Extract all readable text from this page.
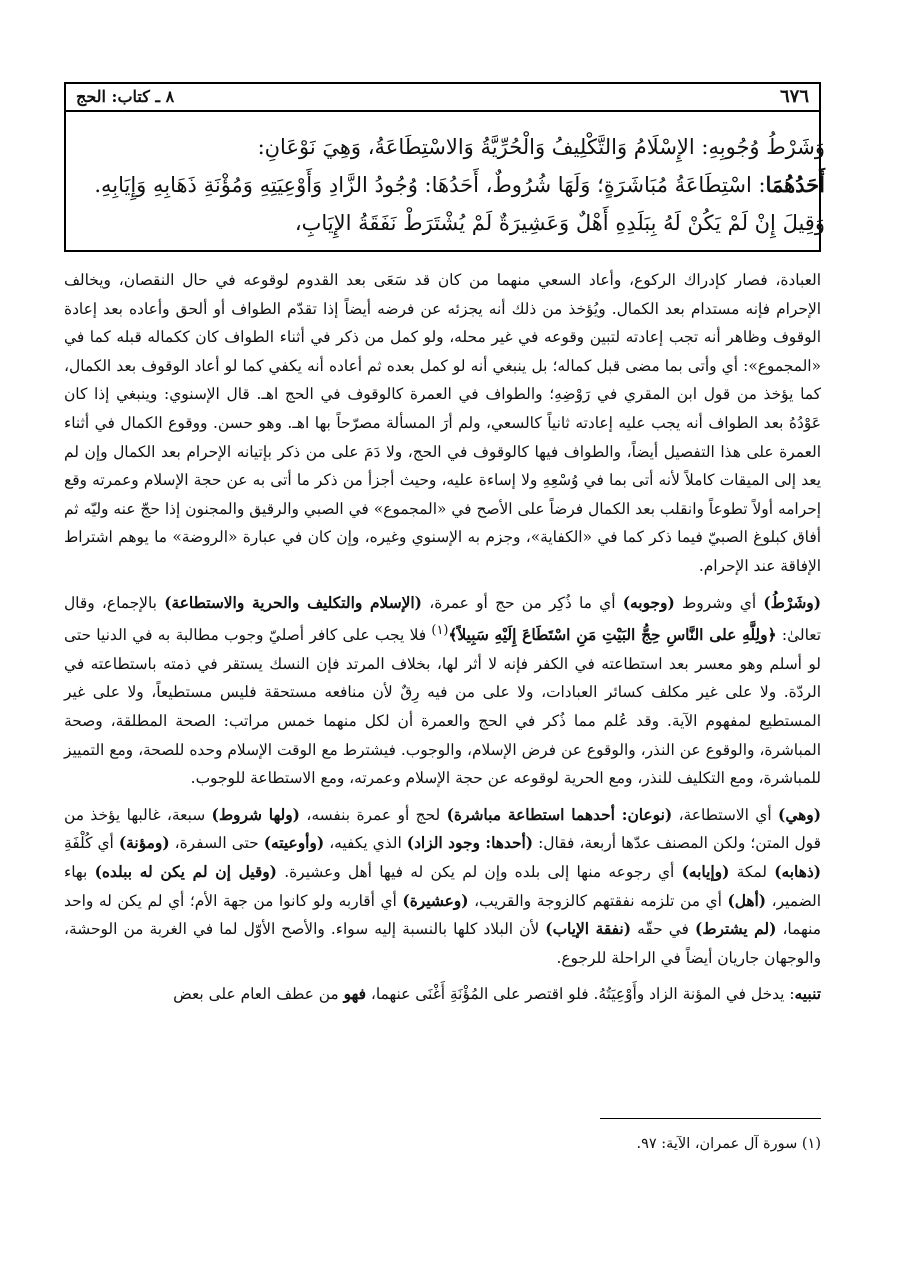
٦٧٦
٨ ـ كتاب: الحج

وَشَرْطُ وُجُوبِهِ: الإِسْلَامُ وَالتَّكْلِيفُ وَالْحُرِّيَّةُ وَالاسْتِطَاعَةُ، وَهِيَ نَوْعَانِ:

أَحَدُهُمَا: اسْتِطَاعَةُ مُبَاشَرَةٍ؛ وَلَهَا شُرُوطٌ، أَحَدُهَا: وُجُودُ الزَّادِ وَأَوْعِيَتِهِ وَمُؤْنَةِ ذَهَابِهِ وَإِيَابِهِ.

وَقِيلَ إِنْ لَمْ يَكُنْ لَهُ بِبَلَدِهِ أَهْلٌ وَعَشِيرَةٌ لَمْ يُشْتَرَطْ نَفَقَةُ الإِيَابِ،

العبادة، فصار كإدراك الركوع، وأعاد السعي منهما من كان قد سَعَى بعد القدوم لوقوعه في حال النقصان، ويخالف الإحرام فإنه مستدام بعد الكمال. ويُؤخذ من ذلك أنه يجزئه عن فرضه أيضاً إذا تقدّم الطواف أو ألحق وأعاده بعد إعادة الوقوف وظاهر أنه تجب إعادته لتبين وقوعه في غير محله، ولو كمل من ذكر في أثناء الطواف كان ككماله قبله كما في «المجموع»: أي وأتى بما مضى قبل كماله؛ بل ينبغي أنه لو كمل بعده ثم أعاده أنه يكفي كما لو أعاد الوقوف بعد الكمال، كما يؤخذ من قول ابن المقري في رَوْضِهِ؛ والطواف في العمرة كالوقوف في الحج اهـ. قال الإسنوي: وينبغي إذا كان عَوْدُهُ بعد الطواف أنه يجب عليه إعادته ثانياً كالسعي، ولم أرَ المسألة مصرّحاً بها اهـ. وهو حسن. ووقوع الكمال في أثناء العمرة على هذا التفصيل أيضاً، والطواف فيها كالوقوف في الحج، ولا دَمَ على من ذكر بإتيانه الإحرام بعد الكمال وإن لم يعد إلى الميقات كاملاً لأنه أتى بما في وُسْعِهِ ولا إساءة عليه، وحيث أجزأ من ذكر ما أتى به عن حجة الإسلام وعمرته وقع إحرامه أولاً تطوعاً وانقلب بعد الكمال فرضاً على الأصح في «المجموع» في الصبي والرقيق والمجنون إذا حجّ عنه وليّه ثم أفاق كبلوغ الصبيّ فيما ذكر كما في «الكفاية»، وجزم به الإسنوي وغيره، وإن كان في عبارة «الروضة» ما يوهم اشتراط الإفاقة عند الإحرام.

(وشَرْطُ) أي وشروط (وجوبه) أي ما ذُكِر من حج أو عمرة، (الإسلام والتكليف والحرية والاستطاعة) بالإجماع، وقال تعالىٰ: ﴿ولِلَّهِ على النَّاسِ حِجُّ البَيْتِ مَنِ اسْتَطَاعَ إِلَيْهِ سَبِيلاً﴾$^{(١)}$ فلا يجب على كافر أصليّ وجوب مطالبة به في الدنيا حتى لو أسلم وهو معسر بعد استطاعته في الكفر فإنه لا أثر لها، بخلاف المرتد فإن النسك يستقر في ذمته باستطاعته في الردّة. ولا على غير مكلف كسائر العبادات، ولا على من فيه رِقٌ لأن منافعه مستحقة فليس مستطيعاً، ولا على غير المستطيع لمفهوم الآية. وقد عُلم مما ذُكر في الحج والعمرة أن لكل منهما خمس مراتب: الصحة المطلقة، وصحة المباشرة، والوقوع عن النذر، والوقوع عن فرض الإسلام، والوجوب. فيشترط مع الوقت الإسلام وحده للصحة، ومع التمييز للمباشرة، ومع التكليف للنذر، ومع الحرية لوقوعه عن حجة الإسلام وعمرته، ومع الاستطاعة للوجوب.

(وهي) أي الاستطاعة، (نوعان: أحدهما استطاعة مباشرة) لحج أو عمرة بنفسه، (ولها شروط) سبعة، غالبها يؤخذ من قول المتن؛ ولكن المصنف عدّها أربعة، فقال: (أحدها: وجود الزاد) الذي يكفيه، (وأوعيته) حتى السفرة، (ومؤنة) أي كُلْفَةِ (ذهابه) لمكة (وإيابه) أي رجوعه منها إلى بلده وإن لم يكن له فيها أهل وعشيرة. (وقيل إن لم يكن له ببلده) بهاء الضمير، (أهل) أي من تلزمه نفقتهم كالزوجة والقريب، (وعشيرة) أي أقاربه ولو كانوا من جهة الأم؛ أي لم يكن له واحد منهما، (لم يشترط) في حقّه (نفقة الإياب) لأن البلاد كلها بالنسبة إليه سواء. والأصح الأوّل لما في الغربة من الوحشة، والوجهان جاريان أيضاً في الراحلة للرجوع.

تنبيه: يدخل في المؤنة الزاد وأَوْعِيَتُهُ. فلو اقتصر على المُؤْنَةِ أَغْنَى عنهما، فهو من عطف العام على بعض

(١) سورة آل عمران، الآية: ٩٧.
